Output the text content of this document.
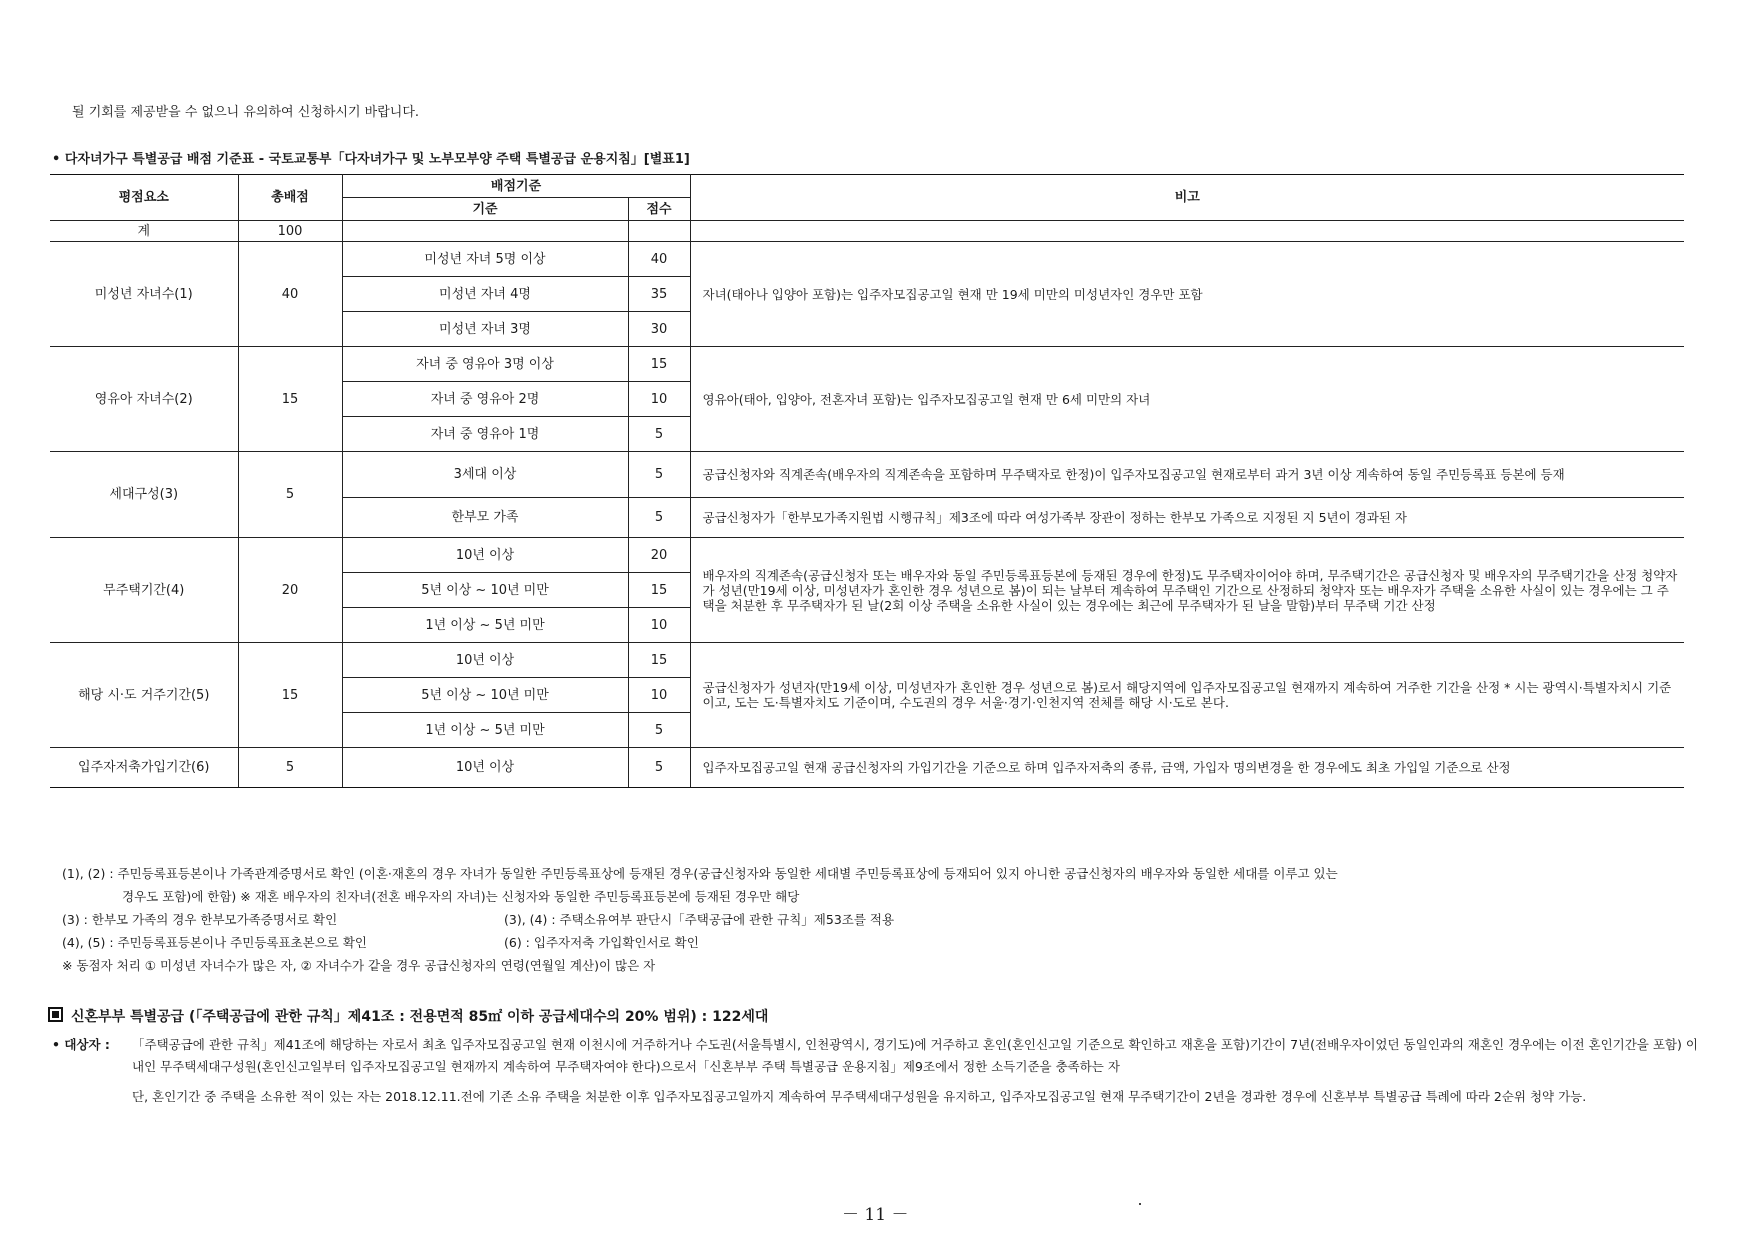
될 기회를 제공받을 수 없으니 유의하여 신청하시기 바랍니다.
• 다자녀가구 특별공급 배점 기준표 - 국토교통부「다자녀가구 및 노부모부양 주택 특별공급 운용지침」[별표1]
평점요소	총배점	배점기준		비고
		기준	점수	
계	100			
미성년 자녀수(1)	40	미성년 자녀 5명 이상	40	자녀(태아나 입양아 포함)는 입주자모집공고일 현재 만 19세 미만의 미성년자인 경우만 포함
		미성년 자녀 4명	35	
		미성년 자녀 3명	30	
영유아 자녀수(2)	15	자녀 중 영유아 3명 이상	15	영유아(태아, 입양아, 전혼자녀 포함)는 입주자모집공고일 현재 만 6세 미만의 자녀
		자녀 중 영유아 2명	10	
		자녀 중 영유아 1명	5	
세대구성(3)	5	3세대 이상	5	공급신청자와 직계존속(배우자의 직계존속을 포함하며 무주택자로 한정)이 입주자모집공고일 현재로부터 과거 3년 이상 계속하여 동일 주민등록표 등본에 등재
		한부모 가족	5	공급신청자가「한부모가족지원법 시행규칙」제3조에 따라 여성가족부 장관이 정하는 한부모 가족으로 지정된 지 5년이 경과된 자
무주택기간(4)	20	10년 이상	20	배우자의 직계존속(공급신청자 또는 배우자와 동일 주민등록표등본에 등재된 경우에 한정)도 무주택자이어야 하며, 무주택기간은 공급신청자 및 배우자의 무주택기간을 산정 청약자가 성년(만19세 이상, 미성년자가 혼인한 경우 성년으로 봄)이 되는 날부터 계속하여 무주택인 기간으로 산정하되 청약자 또는 배우자가 주택을 소유한 사실이 있는 경우에는 그 주택을 처분한 후 무주택자가 된 날(2회 이상 주택을 소유한 사실이 있는 경우에는 최근에 무주택자가 된 날을 말함)부터 무주택 기간 산정
		5년 이상 ~ 10년 미만	15	
		1년 이상 ~ 5년 미만	10	
해당 시·도 거주기간(5)	15	10년 이상	15	공급신청자가 성년자(만19세 이상, 미성년자가 혼인한 경우 성년으로 봄)로서 해당지역에 입주자모집공고일 현재까지 계속하여 거주한 기간을 산정 * 시는 광역시·특별자치시 기준이고, 도는 도·특별자치도 기준이며, 수도권의 경우 서울·경기·인천지역 전체를 해당 시·도로 본다.
		5년 이상 ~ 10년 미만	10	
		1년 이상 ~ 5년 미만	5	
입주자저축가입기간(6)	5	10년 이상	5	입주자모집공고일 현재 공급신청자의 가입기간을 기준으로 하며 입주자저축의 종류, 금액, 가입자 명의변경을 한 경우에도 최초 가입일 기준으로 산정
(1), (2) : 주민등록표등본이나 가족관계증명서로 확인 (이혼·재혼의 경우 자녀가 동일한 주민등록표상에 등재된 경우(공급신청자와 동일한 세대별 주민등록표상에 등재되어 있지 아니한 공급신청자의 배우자와 동일한 세대를 이루고 있는
경우도 포함)에 한함) ※ 재혼 배우자의 친자녀(전혼 배우자의 자녀)는 신청자와 동일한 주민등록표등본에 등재된 경우만 해당
(3) : 한부모 가족의 경우 한부모가족증명서로 확인	(3), (4) : 주택소유여부 판단시「주택공급에 관한 규칙」제53조를 적용
(4), (5) : 주민등록표등본이나 주민등록표초본으로 확인	(6) : 입주자저축 가입확인서로 확인
※ 동점자 처리 ① 미성년 자녀수가 많은 자, ② 자녀수가 같을 경우 공급신청자의 연령(연월일 계산)이 많은 자
신혼부부 특별공급 (「주택공급에 관한 규칙」제41조 : 전용면적 85㎡ 이하 공급세대수의 20% 범위) : 122세대
• 대상자 : 「주택공급에 관한 규칙」제41조에 해당하는 자로서 최초 입주자모집공고일 현재 이천시에 거주하거나 수도권(서울특별시, 인천광역시, 경기도)에 거주하고 혼인(혼인신고일 기준으로 확인하고 재혼을 포함)기간이 7년(전배우자이었던 동일인과의 재혼인 경우에는 이전 혼인기간을 포함) 이내인 무주택세대구성원(혼인신고일부터 입주자모집공고일 현재까지 계속하여 무주택자여야 한다)으로서「신혼부부 주택 특별공급 운용지침」제9조에서 정한 소득기준을 충족하는 자

단, 혼인기간 중 주택을 소유한 적이 있는 자는 2018.12.11.전에 기존 소유 주택을 처분한 이후 입주자모집공고일까지 계속하여 무주택세대구성원을 유지하고, 입주자모집공고일 현재 무주택기간이 2년을 경과한 경우에 신혼부부 특별공급 특례에 따라 2순위 청약 가능.

－ 11 －
